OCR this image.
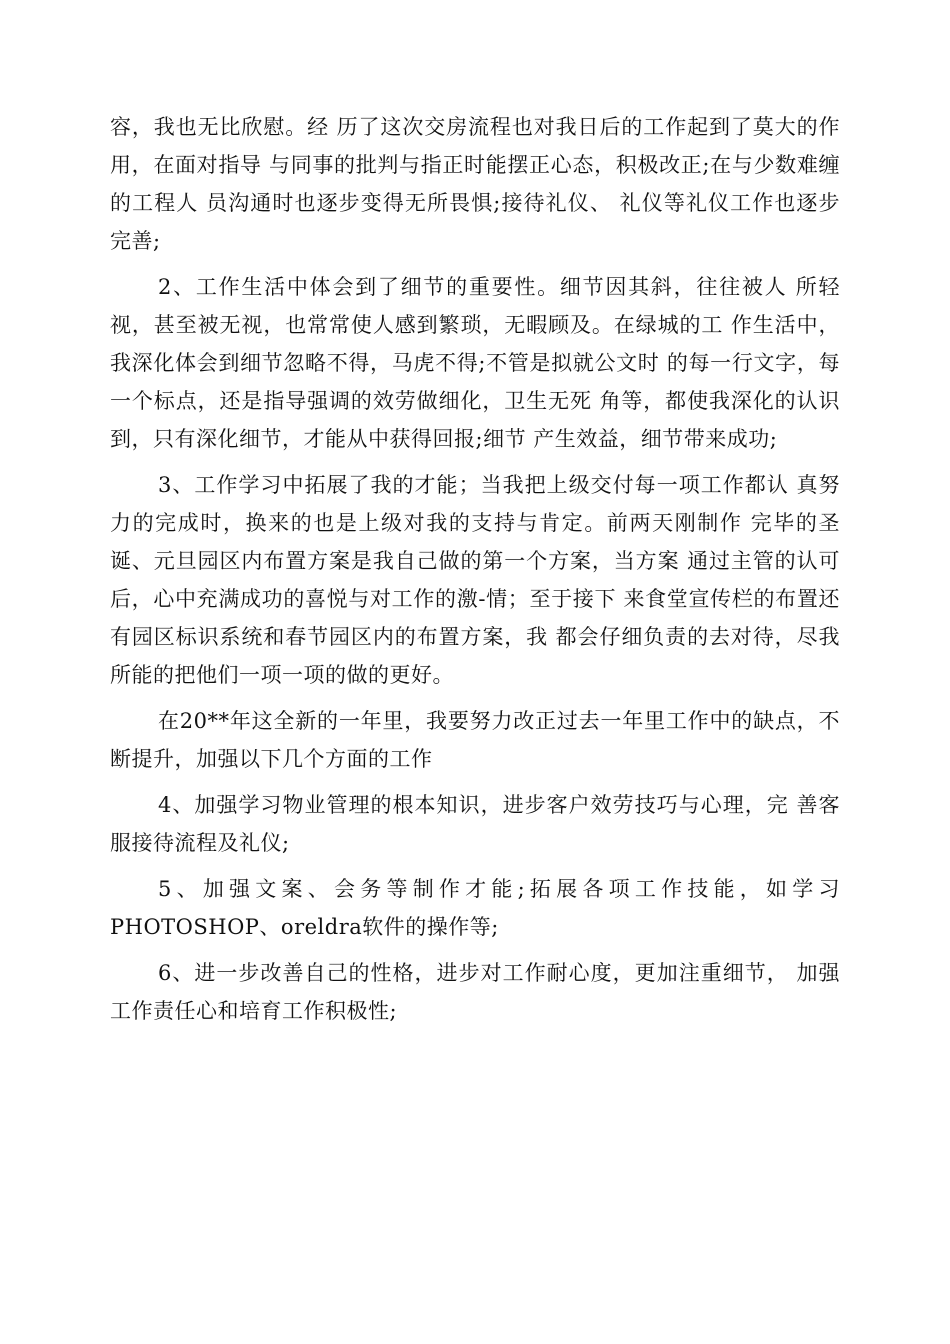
容，我也无比欣慰。经 历了这次交房流程也对我日后的工作起到了莫大的作用，在面对指导 与同事的批判与指正时能摆正心态，积极改正;在与少数难缠的工程人 员沟通时也逐步变得无所畏惧;接待礼仪、 礼仪等礼仪工作也逐步 完善;

2、工作生活中体会到了细节的重要性。细节因其斜，往往被人 所轻视，甚至被无视，也常常使人感到繁琐，无暇顾及。在绿城的工 作生活中，我深化体会到细节忽略不得，马虎不得;不管是拟就公文时 的每一行文字，每一个标点，还是指导强调的效劳做细化，卫生无死 角等，都使我深化的认识到，只有深化细节，才能从中获得回报;细节 产生效益，细节带来成功;

3、工作学习中拓展了我的才能；当我把上级交付每一项工作都认 真努力的完成时，换来的也是上级对我的支持与肯定。前两天刚制作 完毕的圣诞、元旦园区内布置方案是我自己做的第一个方案，当方案 通过主管的认可后，心中充满成功的喜悦与对工作的激-情；至于接下 来食堂宣传栏的布置还有园区标识系统和春节园区内的布置方案，我 都会仔细负责的去对待，尽我所能的把他们一项一项的做的更好。

在20**年这全新的一年里，我要努力改正过去一年里工作中的缺点，不断提升，加强以下几个方面的工作

4、加强学习物业管理的根本知识，进步客户效劳技巧与心理，完 善客服接待流程及礼仪;

5、加强文案、会务等制作才能;拓展各项工作技能，如学习PHOTOSHOP、oreldra软件的操作等;

6、进一步改善自己的性格，进步对工作耐心度，更加注重细节， 加强工作责任心和培育工作积极性;
